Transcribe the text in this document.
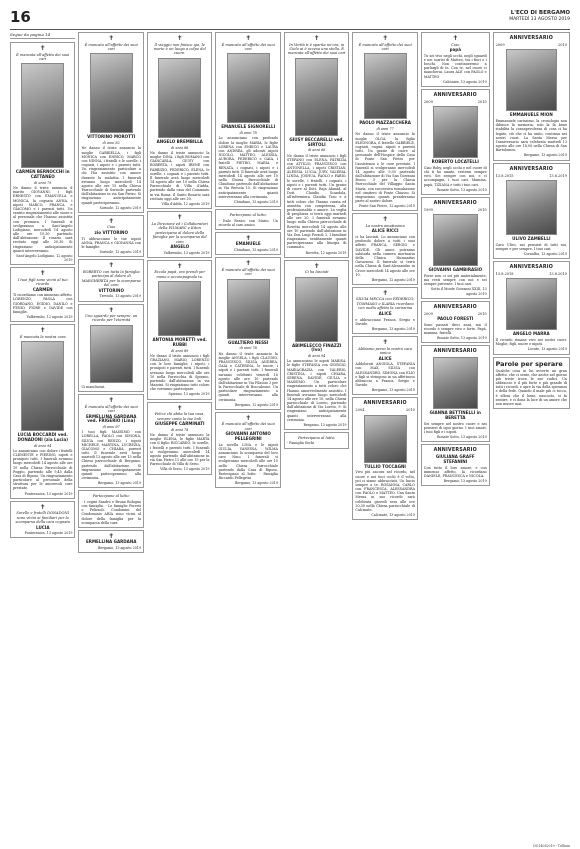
16	L'ECO DI BERGAMO
MARTEDÌ 13 AGOSTO 2019
Segue da pagina 14
✝
È mancata all'affetto dei suoi cari
CARMEN BERNOCCHI in CATTANEO
di anni 79
Ne danno il triste annuncio il marito GIOVANNI, i figli ERNESTO con EMANUELA e MONICA, la cognata ANNA, i nipoti MARCO, FRANCA e GIACOMO e i parenti tutti. Un sentito ringraziamento alle suore e al personale che l'hanno assistita con premura. I funerali si svolgeranno a Sant'Angelo Lodigiano, mercoledì 14 agosto alle ore 10,30 partendo dall'abitazione. Il rosario sarà recitato oggi alle 20,30. Si ringraziano anticipatamente quanti interverranno.
Sant'Angelo Lodigiano, 12 agosto 2019
✝
I tuoi figli sono vicini al tuo ricordo
CARMEN
Ti ricordiamo con immenso affetto. LORENZO, PAOLA con GIORDANO, EGIDIO, DANILO e FENIO, FIORE e DAVIDE con famiglie.
Valbrembo, 12 agosto 2019
✝
È mancata la nostra cara
LUCIA BOCCARDI ved. DONADONI (zia Lucia)
di anni 94
Lo annunciano con dolore i fratelli CLEMENTE e PIERINO, nipoti e pronipoti tutti. I funerali avranno luogo mercoledì 14 agosto alle ore 10 nella Chiesa Parrocchiale di Poggio, partendo alle 9,45 dalla Casa di Riposo. Un ringraziamento particolare al personale della struttura per le amorevoli cure prestate.
Ponteranica, 13 agosto 2019
✝
Sorelle e fratelli DONADONI sono vicini ai familiari per la scomparsa della cara cognata
LUCIA
Ponteranica, 13 agosto 2019
✝
È mancato all'affetto dei suoi cari
VITTORINO MOROTTI
di anni 82
Ne danno il triste annuncio la moglie GABRIELLA, i figli MONICA con ENRICO, MARCO con NINNA, i fratelli e le sorelle, i cognati, i nipoti e i parenti tutti. Un ringraziamento particolare a chi l'ha assistito con amore durante la malattia. I funerali avranno luogo mercoledì 14 agosto alle ore 15 nella Chiesa Parrocchiale di Sorisole partendo dall'abitazione in via San Pietro. Si ringraziano anticipatamente quanti parteciperanno.
Sorisole, 12 agosto 2019
✝
Ciao
zio VITTORINO
Ti abbracciano le tue nipoti ANNA, FRANCA e GIOVANNA con le famiglie.
Sorisole, 13 agosto 2019
✝
ROBERTO con tutta la famiglia partecipa al dolore di MARGHERITA per la scomparsa del caro
VITTORINO
Treviolo, 13 agosto 2019
✝
Uno sguardo per sempre, un ricordo per l'eternità
Ci mancherai.
✝
È mancata all'affetto dei suoi cari
ERMELLINA GARDANA ved. FRIGERIO (Lina)
di anni 87
I tuoi figli MASSIMO con LORELLA, PAOLO con SIMONA, SILVIA con RENZO, i nipoti MICHELE, MARTINA, LUCREZIA, GIACOMO e CHIARA, parenti tutti. Il funerale avrà luogo martedì 13 agosto alle ore 15 nella Chiesa parrocchiale di Bergamo, partendo dall'abitazione. Si ringraziano anticipatamente quanti parteciperanno alla cerimonia.
Bergamo, 13 agosto 2019
Partecipano al lutto:
- I cugini Sandro e Bruna Bologna con famiglia. - Le famiglie Foresti e Pelizzoli. Condomini del Condominio ARIA sono vicini al dolore della famiglia per la scomparsa della cara
✝
ERMELLINA GARDANA
Bergamo, 13 agosto 2019
✝
Il viaggio non finisce qui, le morte è un luogo a colpo del cuore.
ANGELO BREMBILLA
di anni 88
Ne danno il triste annuncio la moglie DINA, i figli ROMANO con GIANCARLA, GIUSY con ROBERTA, i nipoti IRENE con FABRIZIO, FEDERICO, ELENA, le sorelle, i cognati e i parenti tutti. Il funerale avrà luogo mercoledì 14 agosto alle ore 10 nella Chiesa Parrocchiale di Villa d'Adda, partendo dalla casa del Commiato in via Roma. Il Santo Rosario sarà recitato oggi alle ore 20.
Villa d'Adda, 12 agosto 2019
✝
La Direzione ed i Collaboratori della FILMARC e Kiton partecipano al dolore della famiglia per la scomparsa del caro
ANGELO
Valbrembo, 13 agosto 2019
✝
Eccola papà, ora prendi per mano e accompagnala tu.
ANTONIA MORETTI ved. RUBBI
di anni 89
Ne danno il triste annuncio i figli GRAZIANO, MARIO, LORENZO con le loro famiglie, i nipoti, i pronipoti e parenti tutti. I funerali avranno luogo mercoledì alle ore 10 nella Parrocchia di Spirano, partendo dall'abitazione in via Mazzini. Si ringraziano tutti coloro che vorranno partecipare.
Spirano, 13 agosto 2019
✝
Felice chi abita la tua casa, sempre canta le tue lodi.
GIUSEPPE CARMINATI
di anni 78
Ne danno il triste annuncio la moglie ELENA, le figlie MARTA con il figlio RICCARDO, le sorelle, i fratelli e parenti tutti. I funerali si svolgeranno mercoledì 14 agosto partendo dall'abitazione in via San Pietro 11 alle ore 15 per la Parrocchiale di Villa di Serio.
Villa di Serio, 13 agosto 2019
✝
È mancato all'affetto dei suoi cari
EMANUELE SIGNORELLI
di anni 78
Lo annunciano con profondo dolore la moglie MARIA, le figlie LORENA con ENRICO e LAURA con ANDREA, gli adorati nipoti NICOLÒ, MATTEO, ALESSIA, AURORA, FEDERICO e GAIA, i fratelli PIETRO, MARIA e RENATA, i cognati, i nipoti e i parenti tutti. Il funerale avrà luogo mercoledì 14 agosto alle ore 10 nella Chiesa Parrocchiale di Chiuduno partendo dall'abitazione in Via Brescia 15. Si ringraziano anticipatamente quanti interverranno alla cerimonia.
Chiuduno, 13 agosto 2019
Partecipano al lutto:
- Italo Resico con Mario. Un ricordo al caro amico
✝
EMANUELE
Chiuduno, 13 agosto 2019
✝
È mancato all'affetto dei suoi cari
GUALTIERO NESSI
di anni 78
Ne danno il triste annuncio la moglie ANGELA, i figli CLAUDIO, FRANCESCO, SILVIA, ANDREA, GAIA e CATERINA, le nuore, i nipoti e i parenti tutti. I funerali saranno celebrati venerdì 16 agosto alle ore 10 partendo dall'abitazione in Via Filatoio 2 per la Parrocchiale di Boccaleone. Un particolare ringraziamento a quanti interverranno alla cerimonia.
Bergamo, 12 agosto 2019
✝
È mancato all'affetto dei suoi cari
GIOVANNI ANTONIO PELLEGRINI
La sorella LINA e le nipoti GIULIA, VANESSA, WILMA annunciano la scomparsa del loro caro Nino. I funerali si svolgeranno mercoledì alle ore 10 nella Chiesa Parrocchiale partendo dalla Casa di Riposo. Partecipano al lutto: - Famiglia Riccardo Pellegrini
Bergamo, 13 agosto 2019
✝
In Verità ti è sparita un'ora, in Cielo ai è accesa una stella. È mancata all'affetto dei suoi cari
GIUSY BECCARELLI ved. SIRTOLI
di anni 66
Ne danno il triste annuncio i figli STEFANO con ELENA, PATRIZIA con ATTILIO, FRANCESCO con ANTONELLA, i nipoti CRISTIAN, ALESSIA, LUCIA, JURY, VALERIA, LINDA, JOSHUA, PAOLO e FABIO, le sorelle, i fratelli, i cognati, i nipoti e i parenti tutti. Un grazie di cuore al Dott. Raja Ahmad, al Dott. Claudio Scandola, all'infermiera Claudia Teso e a tutti coloro che l'hanno curata ed assistita con competenza, alla professionalità e amore. La veglia di preghiera si terrà oggi martedì alle ore 20. I funerali avranno luogo nella Chiesa parrocchiale di Rovetta mercoledì 14 agosto alle ore 10 partendo dall'abitazione in Via Don Luigi Pezzoli 2. I familiari ringraziano sentitamente quanti parteciperanno alla liturgia di commiato.
Rovetta, 12 agosto 2019
✝
Ci ha lasciati
ABIMELECCO FINAZZI (Ivo)
di anni 94
Lo annunciano le nipoti MARISA, le figlie STEFANIA con GIORGIO, MARIAGRAZIA con VALERIO, CRISTINA, i nipoti CHIARA, SERENA, DAVIDE, GIULIA e MASSIMO. Un particolare ringraziamento a tutti coloro che l'hanno amorevolmente assistito. I funerali avranno luogo mercoledì 14 agosto alle ore 10, nella Chiesa parrocchiale di Loreto, partendo dall'abitazione di Via Loreto, 9. Si ringraziano anticipatamente quanti interverranno alla cerimonia.
Bergamo, 13 agosto 2019
Partecipano al lutto:
- Famiglia Sechi
✝
È mancato all'affetto dei suoi cari
PAOLO MAZZACCHERA
di anni 77
Ne danno il triste annuncio la moglie OLGA, la figlia ELEONORA, il fratello GABRIELE, cognati, cugini, nipoti e parenti tutti. Un grazie di cuore al personale dell'Hospice della Casa di Ponte San Pietro per l'assistenza e le cure prestate. I funerali si svolgeranno mercoledì 14 agosto alle 9,30 partendo dall'abitazione di Via San Giovanni Bosco, 5 per la Chiesa Parrocchiale del Villaggio Santa Maria, con successiva tumulazione nel cimitero di Ponte Chiasso. Si ringraziano quanti prenderanno parte al nostro dolore.
Ponte San Pietro, 12 agosto 2019
✝
La nostra amatissima
ALICE RICCI
ci ha lasciati. Lo annunciano con profondo dolore a tutti i suoi affetti FRANCA, SERGIO e DAVIDE. Gli amici potranno salutarla nella camera mortuaria della Clinica Humanitas Gavazzeni. Il funerale si terrà nella Chiesa di Sant'Alessandro in Croce mercoledì 14 agosto alle ore 10.
Bergamo, 12 agosto 2019
✝
SILVIA MECCA con FEDERICO, TOMMASO e ILARIA ricordano con molto affetto la carissima
ALICE
e abbracciano Franca, Sergio e Davide.
Bergamo, 13 agosto 2019
✝
Abbiamo perso la nostra cara amica
ALICE
Addolorati ANGIOLA, STEFANIA con MAX, SILVIA con ALESSANDRO, SIMONA con ELIO e figli si stringono in un affettuoso abbraccio a Franca, Sergio e Davide.
Bergamo, 13 agosto 2019
ANNIVERSARIO
2004	2019
TULLIO TOCCAGNI
Vivo più ancora nel ricordo, nel cuore e nei tuoi occhi è il volto, poi ci siamo abbracciati. Un bacio sempre a te. ROSANNA, CARLO con FRANCESCA, ALESSANDRA con PAOLO e MATTEO. Una Santa Messa in suo ricordo sarà celebrata giovedì sera alle ore 20,30 nella Chiesa parrocchiale di Calcinate.
Calcinate, 13 agosto 2019
✝
Ciao
papà
Tu sei vivo negli occhi, negli sguardi e nei sorrisi di Matteo, tra i fiori e i boschi. Non continueremo a parlargli di te. Con te, nel cuore ci mancherai. Laura ALE con PAOLO e MATTEO
Calcinate, 13 agosto 2019
ANNIVERSARIO
2009	2019
ROBERTO LOCATELLI
Ciao Roby, negli occhi e nel cuore di chi ti ha amato, resterai sempre vivo. Sei sempre con noi, e ci accompagni, i tuoi cari. Mamma, papà, TIZIANA e tutti i tuoi cari.
Bonate Sotto, 13 agosto 2019
ANNIVERSARIO
1999	2019
GIOVANNI GAMBIRASIO
Forse non ci sei più materialmente, ma resti sempre con noi e sei sempre presente. I tuoi cari.
Sotto il Monte Giovanni XXIII, 13 agosto 2019
ANNIVERSARIO
2009	2019
PAOLO FORESTI
Sono passati dieci anni, ma il ricordo è sempre vivo e forte. Papà, mamma, fratelli.
Bonate Sotto, 13 agosto 2019
ANNIVERSARIO
GIANNA BETTINELLI in BERETTA
Sei sempre nel nostro cuore e nei pensieri di ogni giorno. I tuoi amori: i tuoi figli e i nipoti.
Bonate Sotto, 13 agosto 2019
ANNIVERSARIO
GIULIANA GRAFF STEFANINI
Con tutto il loro amore, e con immenso affetto, la ricordano DANIELE, FRANCESCA e NICOLA.
Bergamo, 13 agosto 2019
ANNIVERSARIO
2009	2019
EMMANUELE MION
Emmanuele carissimo, la cronologia non diluisce la memoria, solo la fa bene stabilita la consapevolezza di cosa ci ha legato, ciò che ci ha unito, continua nei nostri cuori. La Santa Messa per l'anniversario sarà celebrata martedì 13 agosto alle ore 18,00 nella Chiesa di San Bartolomeo.
Bergamo, 13 agosto 2019
ANNIVERSARIO
13.8.2015	13.8.2019
ULIVO ZAMBELLI
Caro Ulivo, nei pensieri di tutti noi, sempre e per sempre. I tuoi cari.
Cornalba, 13 agosto 2019
ANNIVERSARIO
13.8.2018	13.8.2019
ANGELO MARRA
Il ricordo rimane vivo nei nostri cuori. Moglie, figli, nuore e nipoti.
Locate, 13 agosto 2019
Parole per sperare
Qualche cosa in lui avverte un gran affetto, che ci sente, che anche nel giorno più triste trova le sue radici. Un abbraccio è il più forte e più grande di tutti i ricordi, e apre la via della speranza e della fede. Quando il male più ci tocca, è allora che il bene, nascosto, si fa sentire, e ci dona la luce di un amore che non muore mai.
DO14082019 - Tullium
